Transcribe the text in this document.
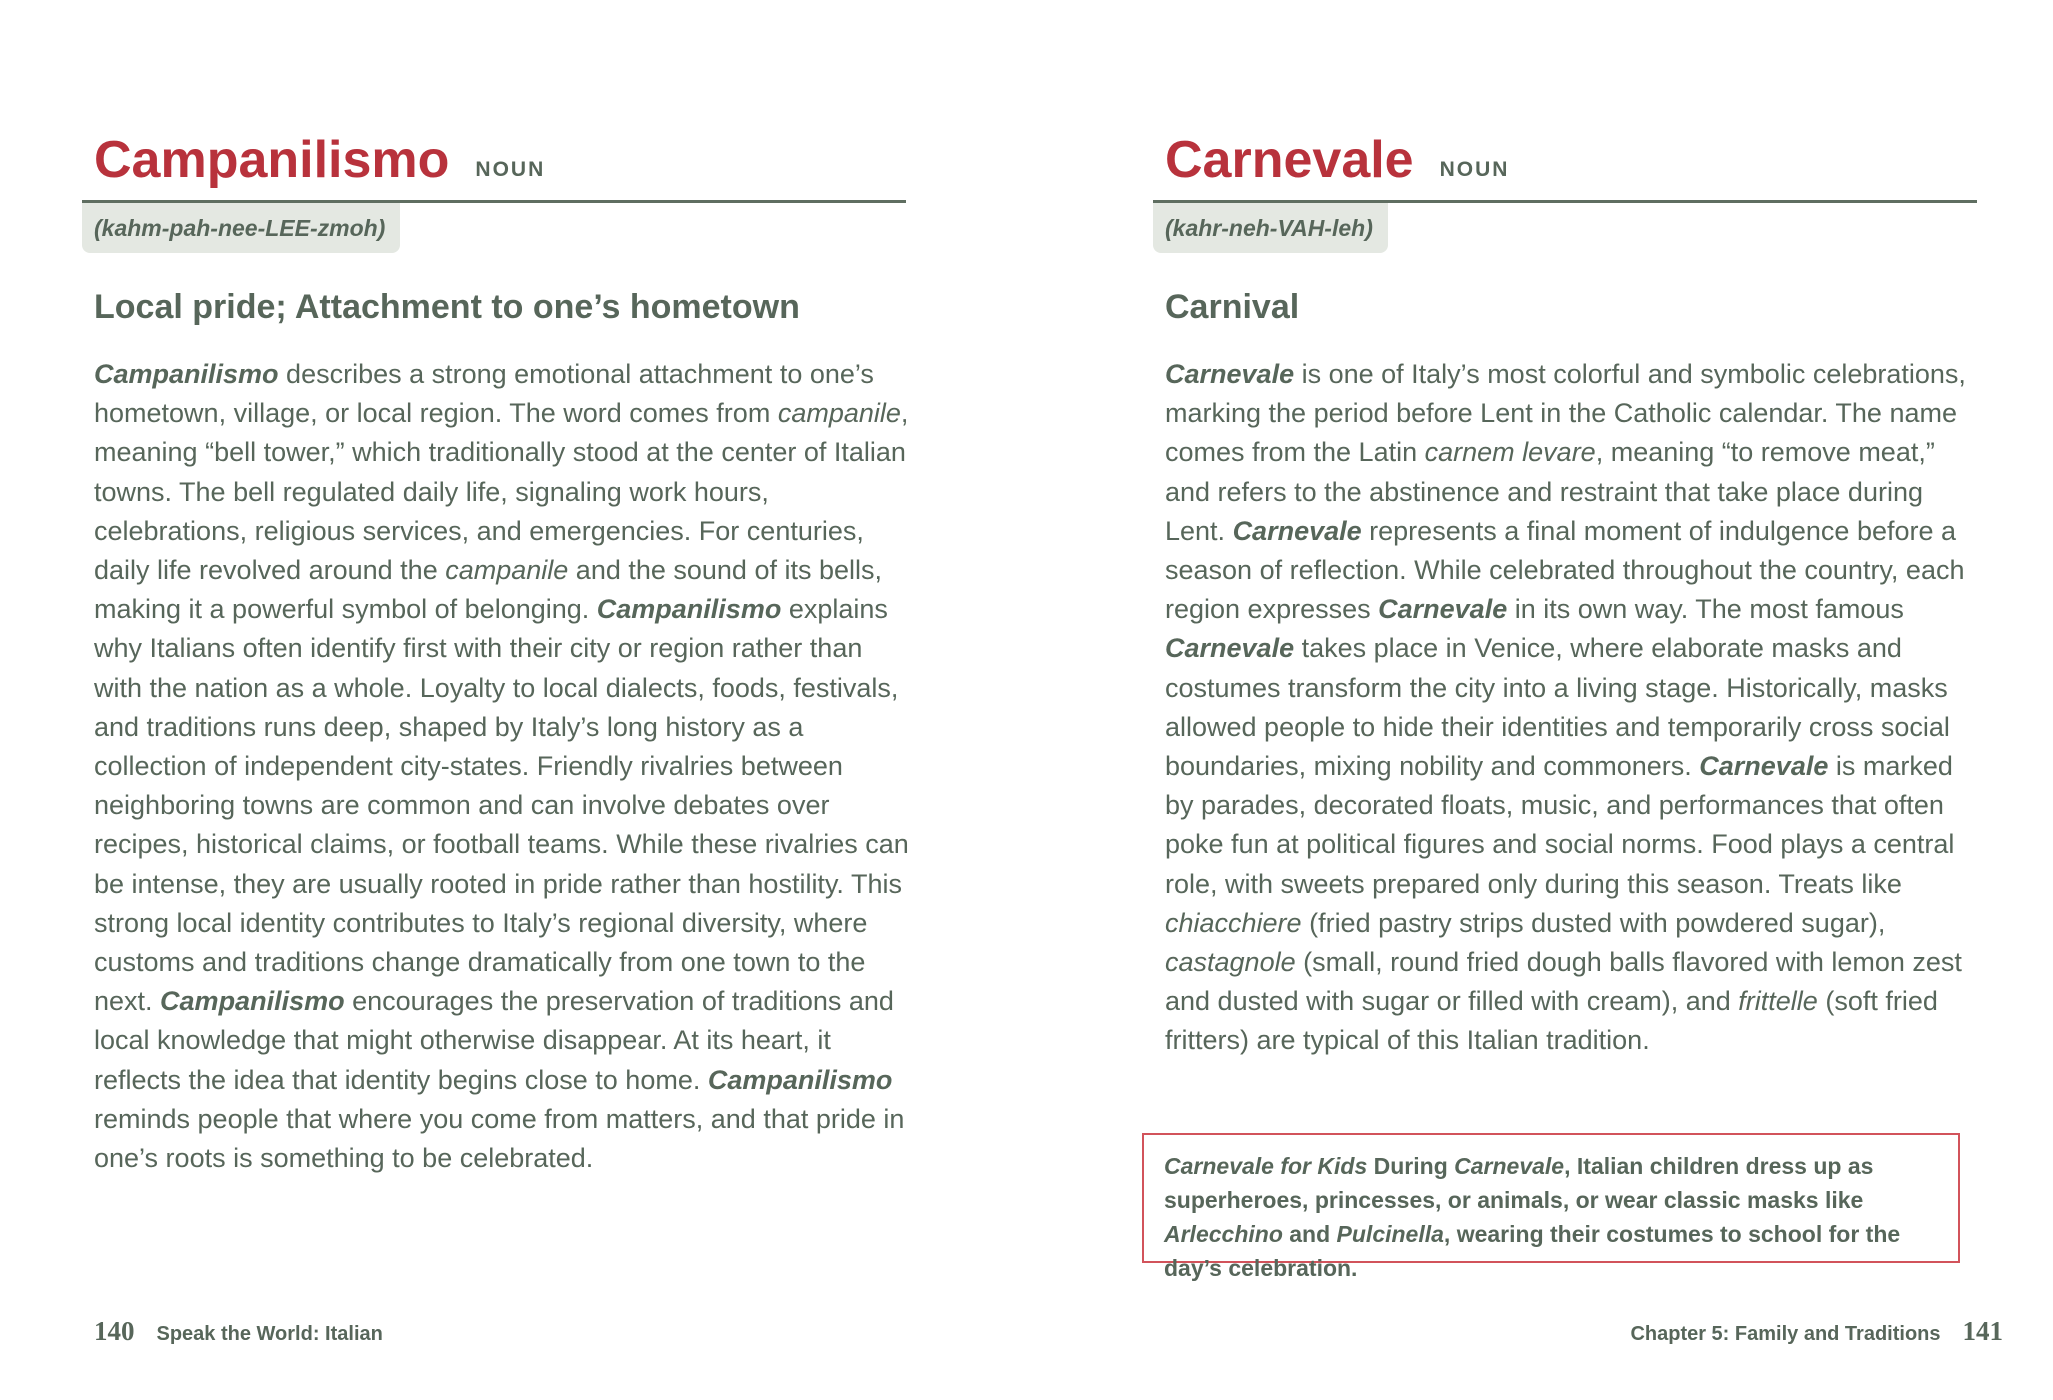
Campanilismo NOUN
(kahm-pah-nee-LEE-zmoh)
Local pride; Attachment to one’s hometown

Campanilismo describes a strong emotional attachment to one’s hometown, village, or local region. The word comes from campanile, meaning “bell tower,” which traditionally stood at the center of Italian towns. The bell regulated daily life, signaling work hours, celebrations, religious services, and emergencies. For centuries, daily life revolved around the campanile and the sound of its bells, making it a powerful symbol of belonging. Campanilismo explains why Italians often identify first with their city or region rather than with the nation as a whole. Loyalty to local dialects, foods, festivals, and traditions runs deep, shaped by Italy’s long history as a collection of independent city-states. Friendly rivalries between neighboring towns are common and can involve debates over recipes, historical claims, or football teams. While these rivalries can be intense, they are usually rooted in pride rather than hostility. This strong local identity contributes to Italy’s regional diversity, where customs and traditions change dramatically from one town to the next. Campanilismo encourages the preservation of traditions and local knowledge that might otherwise disappear. At its heart, it reflects the idea that identity begins close to home. Campanilismo reminds people that where you come from matters, and that pride in one’s roots is something to be celebrated.

140 Speak the World: Italian
Carnevale NOUN
(kahr-neh-VAH-leh)
Carnival

Carnevale is one of Italy’s most colorful and symbolic celebrations, marking the period before Lent in the Catholic calendar. The name comes from the Latin carnem levare, meaning “to remove meat,” and refers to the abstinence and restraint that take place during Lent. Carnevale represents a final moment of indulgence before a season of reflection. While celebrated throughout the country, each region expresses Carnevale in its own way. The most famous Carnevale takes place in Venice, where elaborate masks and costumes transform the city into a living stage. Historically, masks allowed people to hide their identities and temporarily cross social boundaries, mixing nobility and commoners. Carnevale is marked by parades, decorated floats, music, and performances that often poke fun at political figures and social norms. Food plays a central role, with sweets prepared only during this season. Treats like chiacchiere (fried pastry strips dusted with powdered sugar), castagnole (small, round fried dough balls flavored with lemon zest and dusted with sugar or filled with cream), and frittelle (soft fried fritters) are typical of this Italian tradition.

Carnevale for Kids During Carnevale, Italian children dress up as superheroes, princesses, or animals, or wear classic masks like Arlecchino and Pulcinella, wearing their costumes to school for the day’s celebration.
Chapter 5: Family and Traditions 141
